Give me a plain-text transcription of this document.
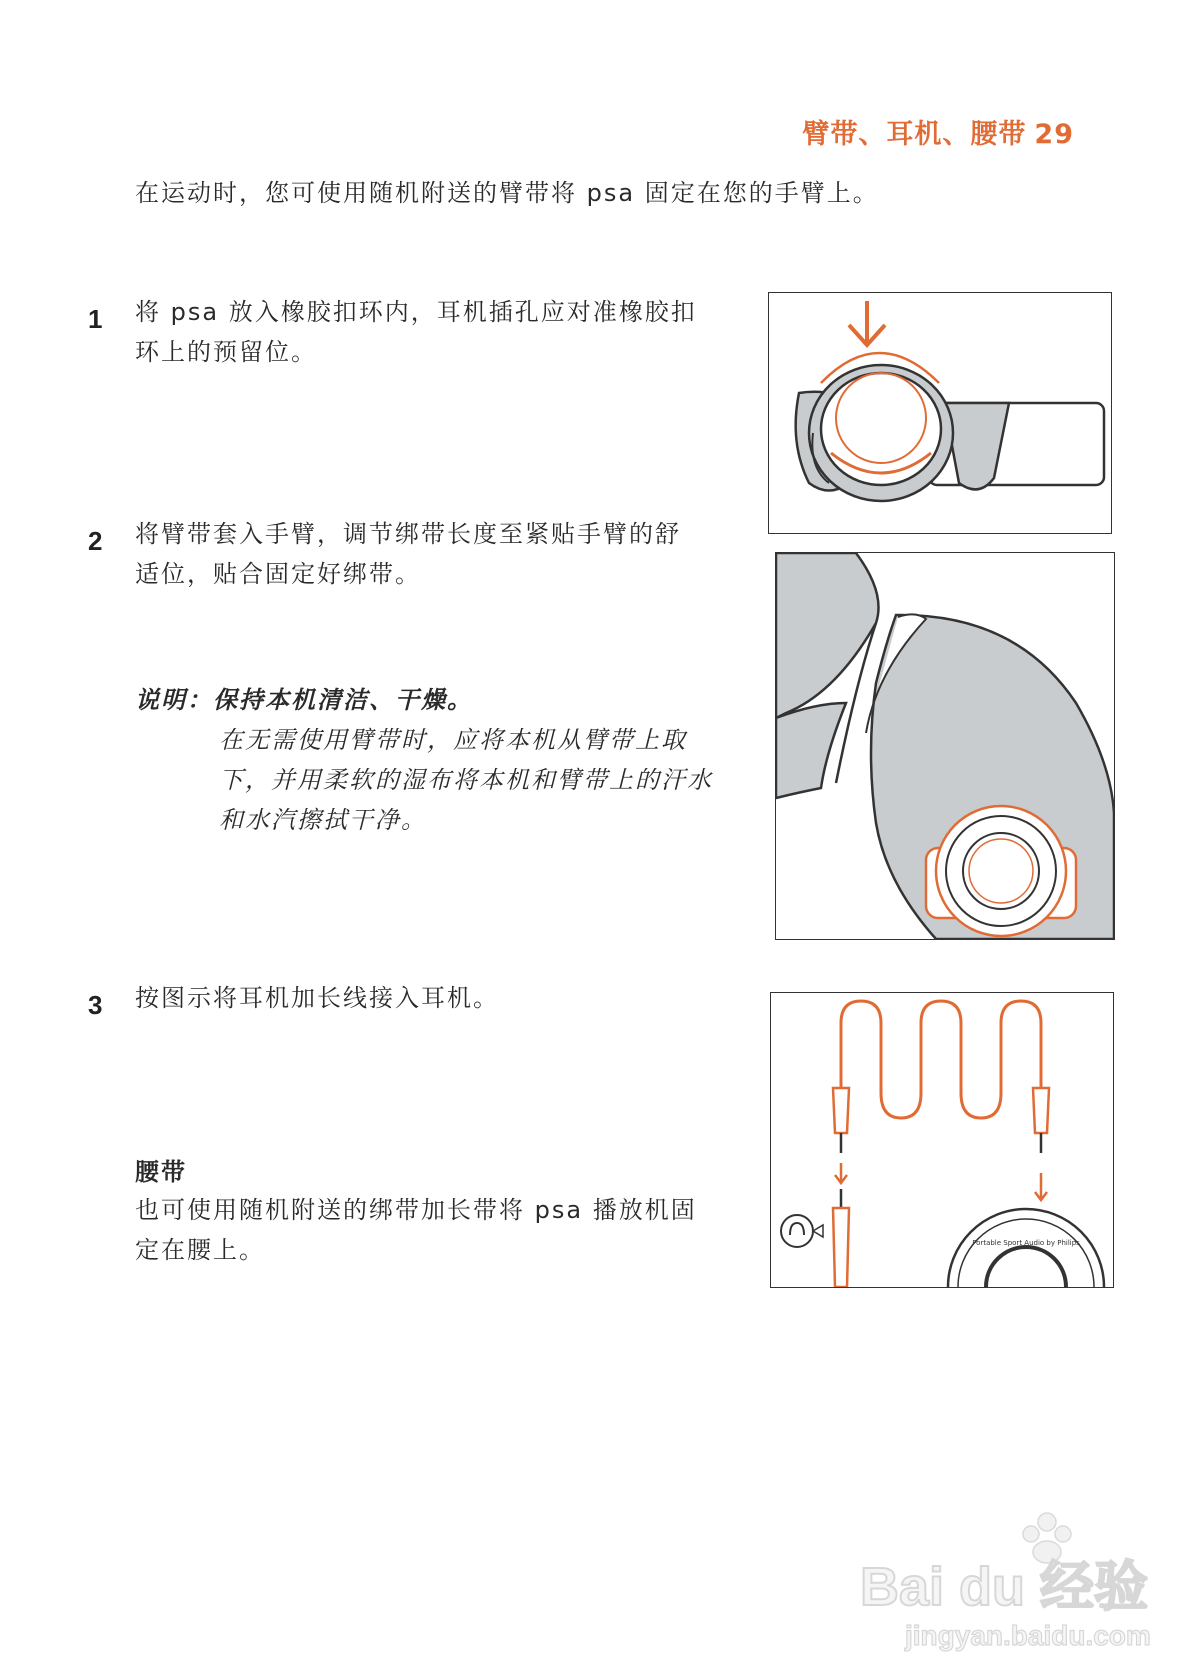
臂带、耳机、腰带 29
在运动时，您可使用随机附送的臂带将 psa 固定在您的手臂上。
1 将 psa 放入橡胶扣环内，耳机插孔应对准橡胶扣
环上的预留位。
2 将臂带套入手臂，调节绑带长度至紧贴手臂的舒
适位，贴合固定好绑带。
说明：保持本机清洁、干燥。
在无需使用臂带时，应将本机从臂带上取
下，并用柔软的湿布将本机和臂带上的汗水
和水汽擦拭干净。
3 按图示将耳机加长线接入耳机。
腰带
也可使用随机附送的绑带加长带将 psa 播放机固
定在腰上。	Portable Sport Audio by Philips
Bai du 经验
jingyan.baidu.com
